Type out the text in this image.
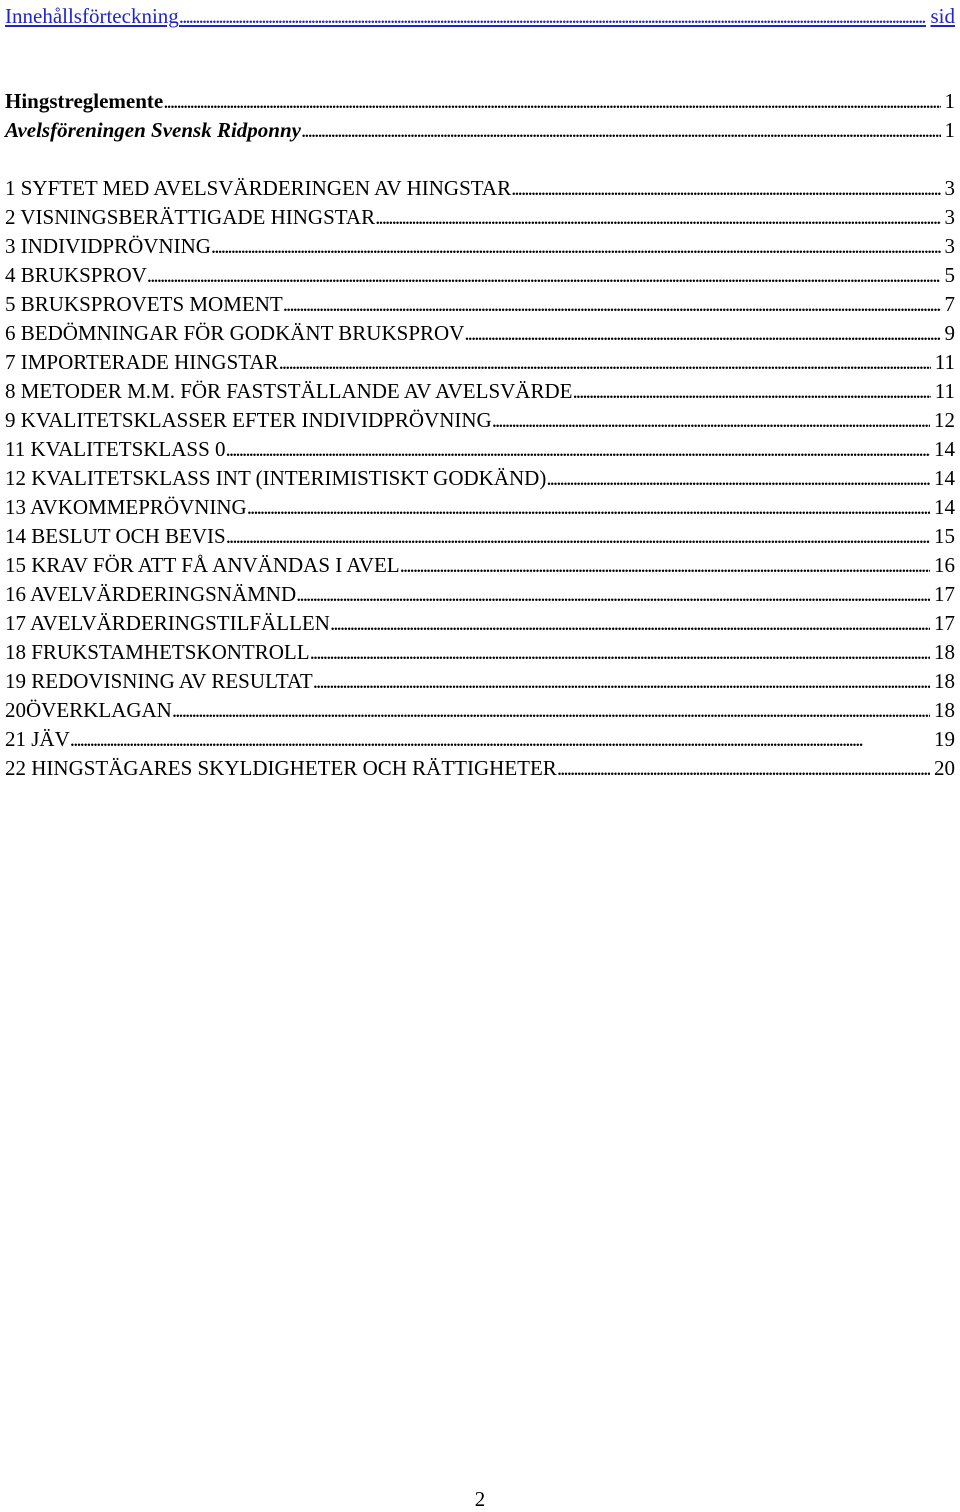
Innehållsförteckning . . .	sid
Hingstreglemente . . .	1
Avelsföreningen Svensk Ridponny . . .	1
1 SYFTET MED AVELSVÄRDERINGEN AV HINGSTAR . . .	3
2 VISNINGSBERÄTTIGADE HINGSTAR . . .	3
3 INDIVIDPRÖVNING . . .	3
4 BRUKSPROV . . .	5
5 BRUKSPROVETS MOMENT . . .	7
6 BEDÖMNINGAR FÖR GODKÄNT BRUKSPROV . . .	9
7 IMPORTERADE HINGSTAR . . .	11
8 METODER M.M. FÖR FASTSTÄLLANDE AV AVELSVÄRDE . . .	11
9 KVALITETSKLASSER EFTER INDIVIDPRÖVNING . . .	12
11 KVALITETSKLASS 0 . . .	14
12 KVALITETSKLASS INT (INTERIMISTISKT GODKÄND) . . .	14
13 AVKOMMEPRÖVNING . . .	14
14 BESLUT OCH BEVIS . . .	15
15 KRAV FÖR ATT FÅ ANVÄNDAS I AVEL . . .	16
16 AVELVÄRDERINGSNÄMND . . .	17
17 AVELVÄRDERINGSTILFÄLLEN . . .	17
18 FRUKSTAMHETSKONTROLL . . .	18
19 REDOVISNING AV RESULTAT . . .	18
20ÖVERKLAGAN . . .	18
21 JÄV . . .	19
22 HINGSTÄGARES SKYLDIGHETER OCH RÄTTIGHETER . . .	20
2
